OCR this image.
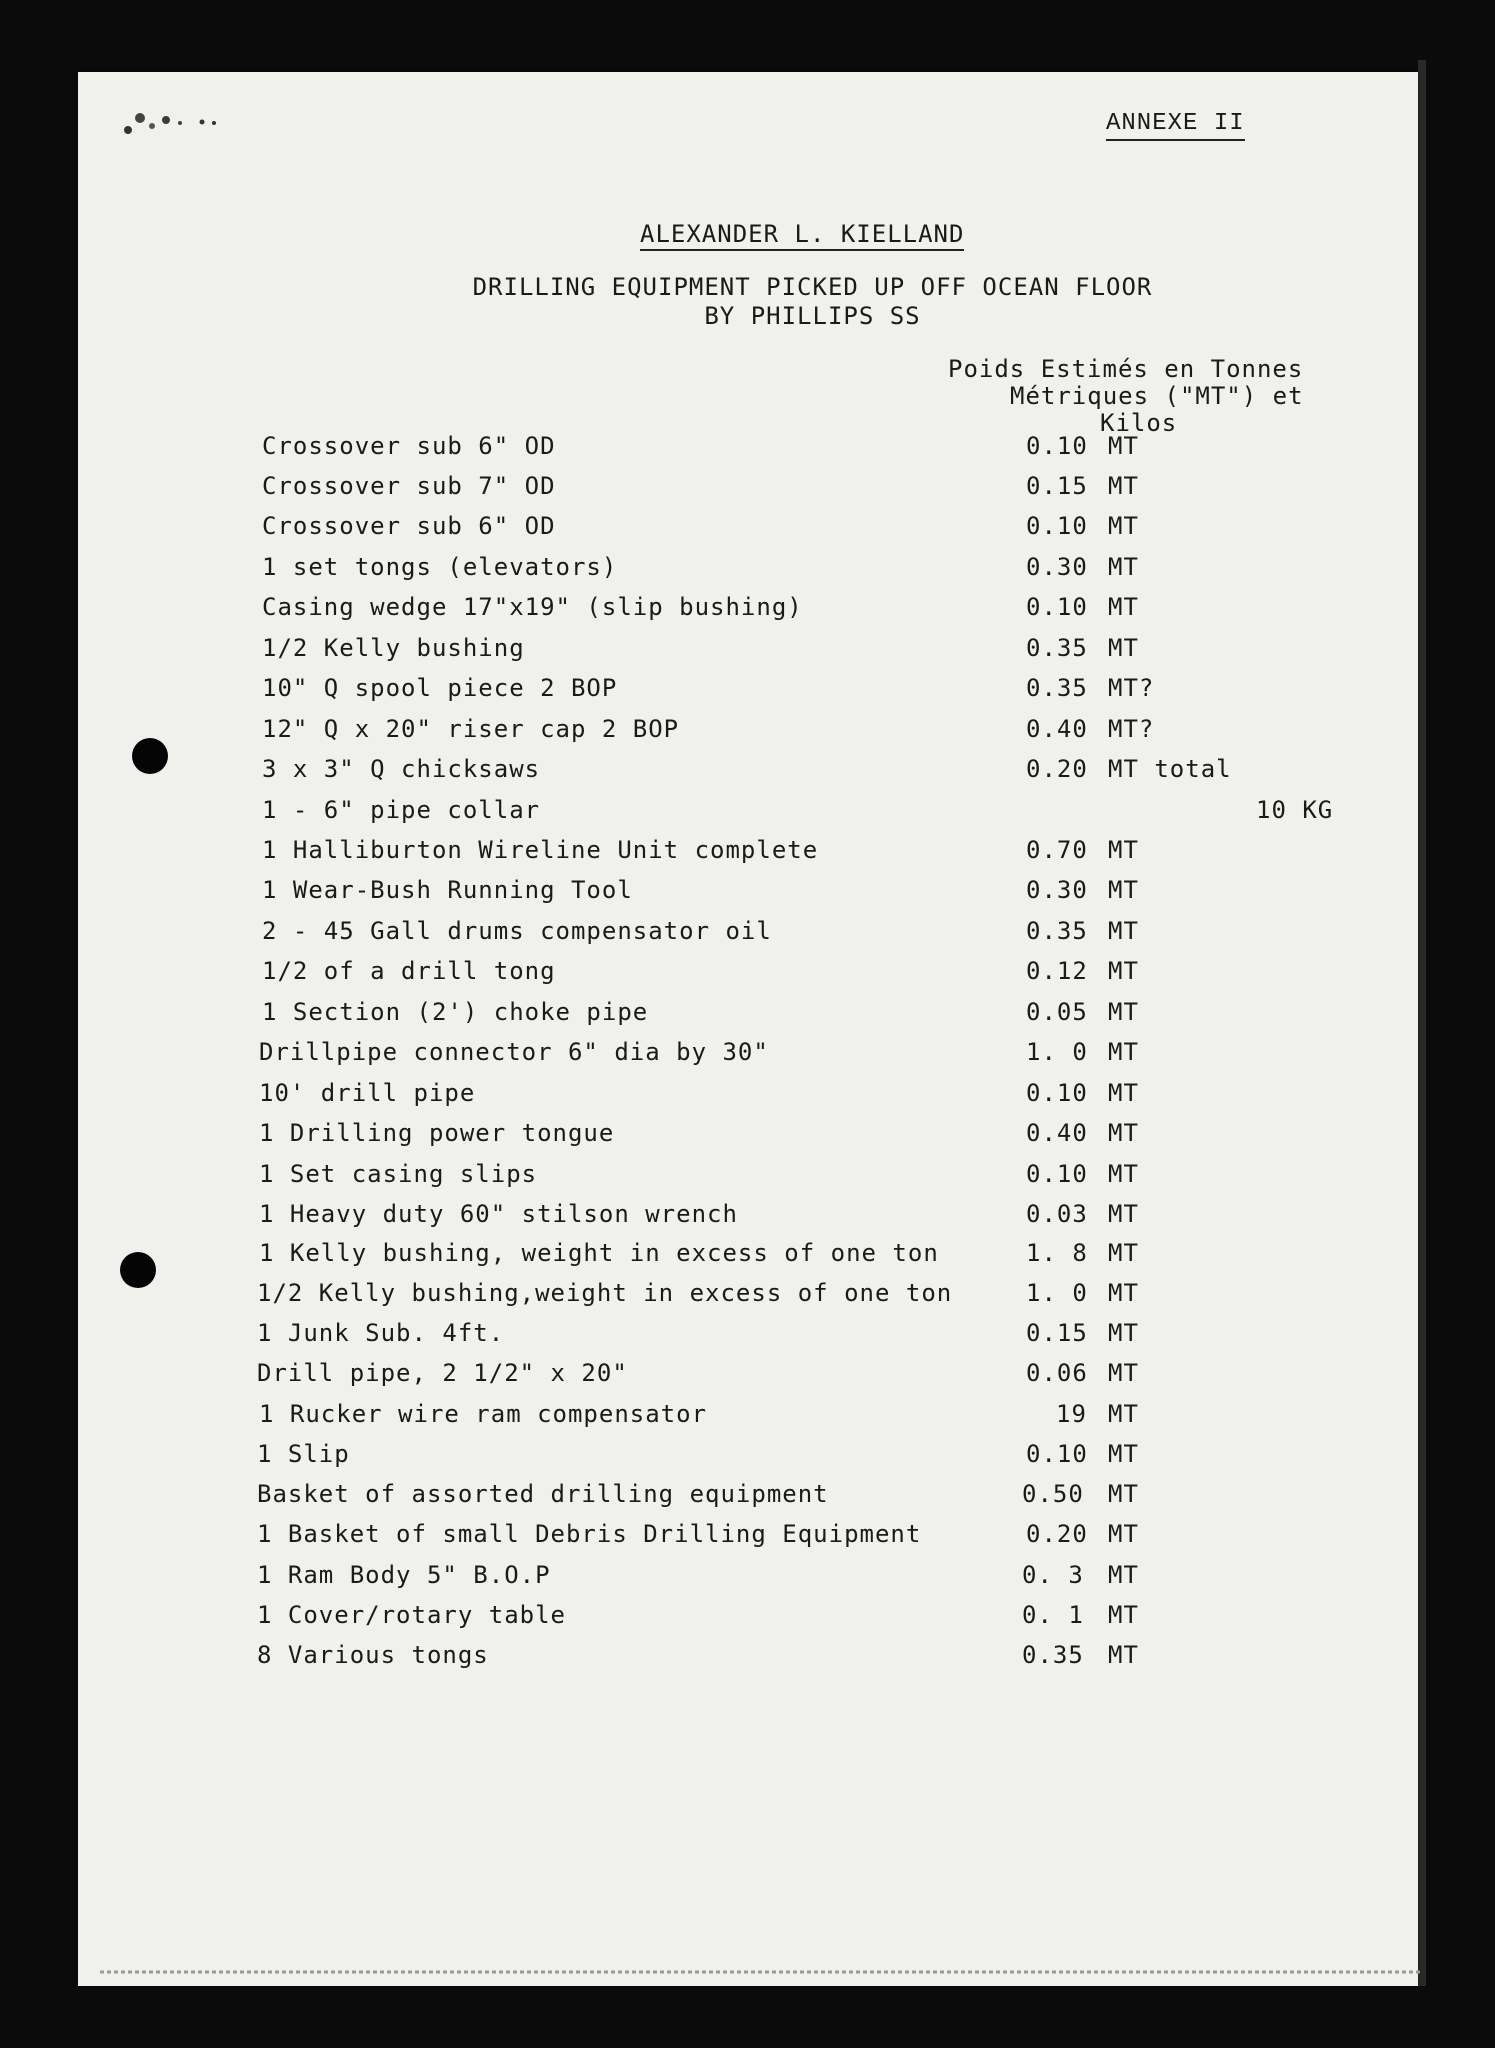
ANNEXE II
ALEXANDER L. KIELLAND
DRILLING EQUIPMENT PICKED UP OFF OCEAN FLOOR
BY PHILLIPS SS
Poids Estimés en Tonnes
Métriques ("MT") et
Kilos
Crossover sub 6" OD	0.10 MT
Crossover sub 7" OD	0.15 MT
Crossover sub 6" OD	0.10 MT
1 set tongs (elevators)	0.30 MT
Casing wedge 17"x19" (slip bushing)	0.10 MT
1/2 Kelly bushing	0.35 MT
10" Q spool piece 2 BOP	0.35 MT?
12" Q x 20" riser cap 2 BOP	0.40 MT?
3 x 3" Q chicksaws	0.20 MT total
1 - 6" pipe collar	10 KG
1 Halliburton Wireline Unit complete	0.70 MT
1 Wear-Bush Running Tool	0.30 MT
2 - 45 Gall drums compensator oil	0.35 MT
1/2 of a drill tong	0.12 MT
1 Section (2') choke pipe	0.05 MT
Drillpipe connector 6" dia by 30"	1. 0 MT
10' drill pipe	0.10 MT
1 Drilling power tongue	0.40 MT
1 Set casing slips	0.10 MT
1 Heavy duty 60" stilson wrench	0.03 MT
1 Kelly bushing, weight in excess of one ton	1. 8 MT
1/2 Kelly bushing,weight in excess of one ton	1. 0 MT
1 Junk Sub. 4ft.	0.15 MT
Drill pipe, 2 1/2" x 20"	0.06 MT
1 Rucker wire ram compensator	19 MT
1 Slip	0.10 MT
Basket of assorted drilling equipment	0.50 MT
1 Basket of small Debris Drilling Equipment	0.20 MT
1 Ram Body 5" B.O.P	0. 3 MT
1 Cover/rotary table	0. 1 MT
8 Various tongs	0.35 MT
